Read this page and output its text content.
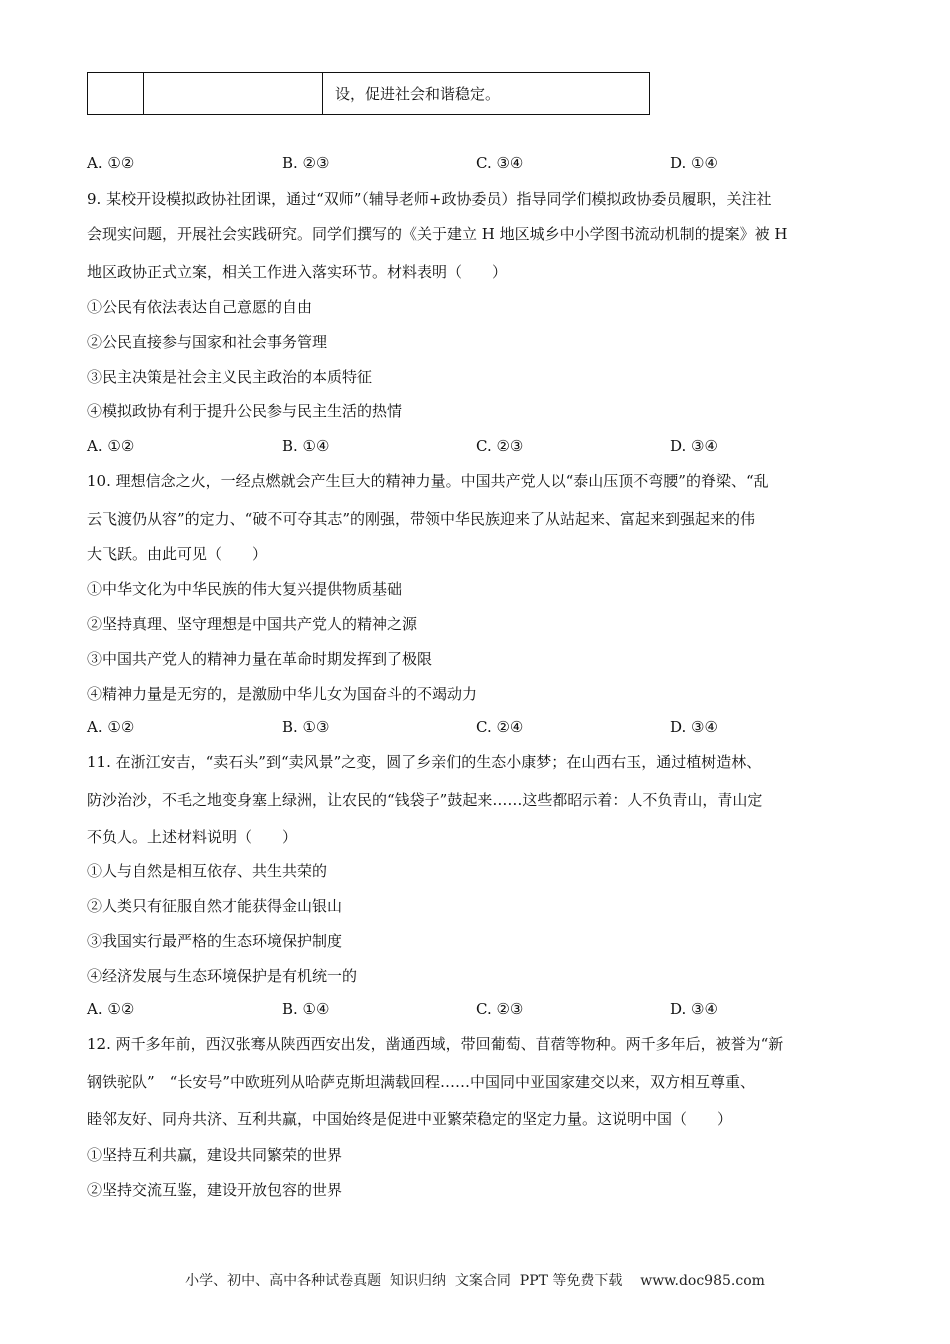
		设，促进社会和谐稳定。
A. ①②	B. ②③	C. ③④	D. ①④
9. 某校开设模拟政协社团课，通过“双师”（辅导老师+政协委员）指导同学们模拟政协委员履职，关注社
会现实问题，开展社会实践研究。同学们撰写的《关于建立 H 地区城乡中小学图书流动机制的提案》被 H
地区政协正式立案，相关工作进入落实环节。材料表明（　　）
①公民有依法表达自己意愿的自由
②公民直接参与国家和社会事务管理
③民主决策是社会主义民主政治的本质特征
④模拟政协有利于提升公民参与民主生活的热情
A. ①②	B. ①④	C. ②③	D. ③④
10. 理想信念之火，一经点燃就会产生巨大的精神力量。中国共产党人以“泰山压顶不弯腰”的脊梁、“乱
云飞渡仍从容”的定力、“破不可夺其志”的刚强，带领中华民族迎来了从站起来、富起来到强起来的伟
大飞跃。由此可见（　　）
①中华文化为中华民族的伟大复兴提供物质基础
②坚持真理、坚守理想是中国共产党人的精神之源
③中国共产党人的精神力量在革命时期发挥到了极限
④精神力量是无穷的，是激励中华儿女为国奋斗的不竭动力
A. ①②	B. ①③	C. ②④	D. ③④
11. 在浙江安吉，“卖石头”到“卖风景”之变，圆了乡亲们的生态小康梦；在山西右玉，通过植树造林、
防沙治沙，不毛之地变身塞上绿洲，让农民的“钱袋子”鼓起来……这些都昭示着：人不负青山，青山定
不负人。上述材料说明（　　）
①人与自然是相互依存、共生共荣的
②人类只有征服自然才能获得金山银山
③我国实行最严格的生态环境保护制度
④经济发展与生态环境保护是有机统一的
A. ①②	B. ①④	C. ②③	D. ③④
12. 两千多年前，西汉张骞从陕西西安出发，凿通西域，带回葡萄、苜蓿等物种。两千多年后，被誉为“新
钢铁驼队”　“长安号”中欧班列从哈萨克斯坦满载回程……中国同中亚国家建交以来，双方相互尊重、
睦邻友好、同舟共济、互利共赢，中国始终是促进中亚繁荣稳定的坚定力量。这说明中国（　　）
①坚持互利共赢，建设共同繁荣的世界
②坚持交流互鉴，建设开放包容的世界
小学、初中、高中各种试卷真题  知识归纳  文案合同  PPT 等免费下载    www.doc985.com
